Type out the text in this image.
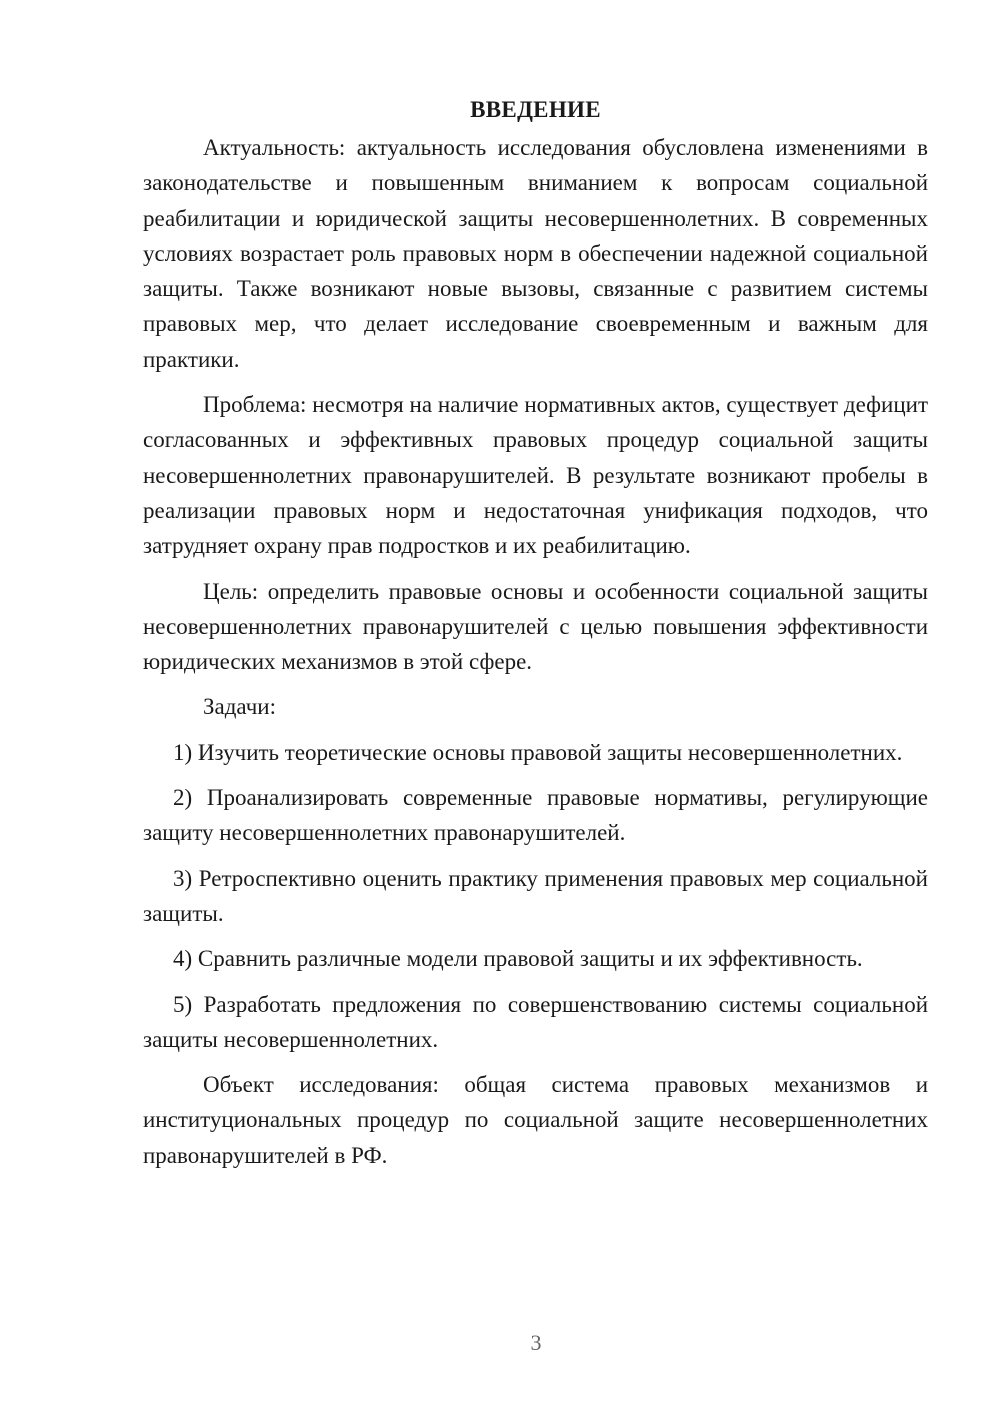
ВВЕДЕНИЕ

Актуальность: актуальность исследования обусловлена изменениями в законодательстве и повышенным вниманием к вопросам социальной реабилитации и юридической защиты несовершеннолетних. В современных условиях возрастает роль правовых норм в обеспечении надежной социальной защиты. Также возникают новые вызовы, связанные с развитием системы правовых мер, что делает исследование своевременным и важным для практики.

Проблема: несмотря на наличие нормативных актов, существует дефицит согласованных и эффективных правовых процедур социальной защиты несовершеннолетних правонарушителей. В результате возникают пробелы в реализации правовых норм и недостаточная унификация подходов, что затрудняет охрану прав подростков и их реабилитацию.

Цель: определить правовые основы и особенности социальной защиты несовершеннолетних правонарушителей с целью повышения эффективности юридических механизмов в этой сфере.

Задачи:

1) Изучить теоретические основы правовой защиты несовершеннолетних.

2) Проанализировать современные правовые нормативы, регулирующие защиту несовершеннолетних правонарушителей.

3) Ретроспективно оценить практику применения правовых мер социальной защиты.

4) Сравнить различные модели правовой защиты и их эффективность.

5) Разработать предложения по совершенствованию системы социальной защиты несовершеннолетних.

Объект исследования: общая система правовых механизмов и институциональных процедур по социальной защите несовершеннолетних правонарушителей в РФ.

3
